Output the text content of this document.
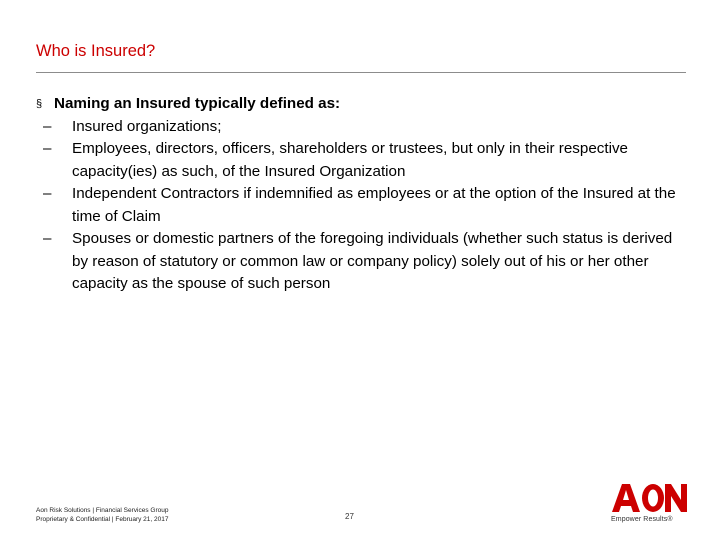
Who is Insured?
§ Naming an Insured typically defined as:
– Insured organizations;
– Employees, directors, officers, shareholders or trustees, but only in their respective capacity(ies) as such, of the Insured Organization
– Independent Contractors if indemnified as employees or at the option of the Insured at the time of Claim
– Spouses or domestic partners of the foregoing individuals (whether such status is derived by reason of statutory or common law or company policy) solely out of his or her other capacity as the spouse of such person
Aon Risk Solutions | Financial Services Group
Proprietary & Confidential | February 21, 2017	27	Empower Results®
